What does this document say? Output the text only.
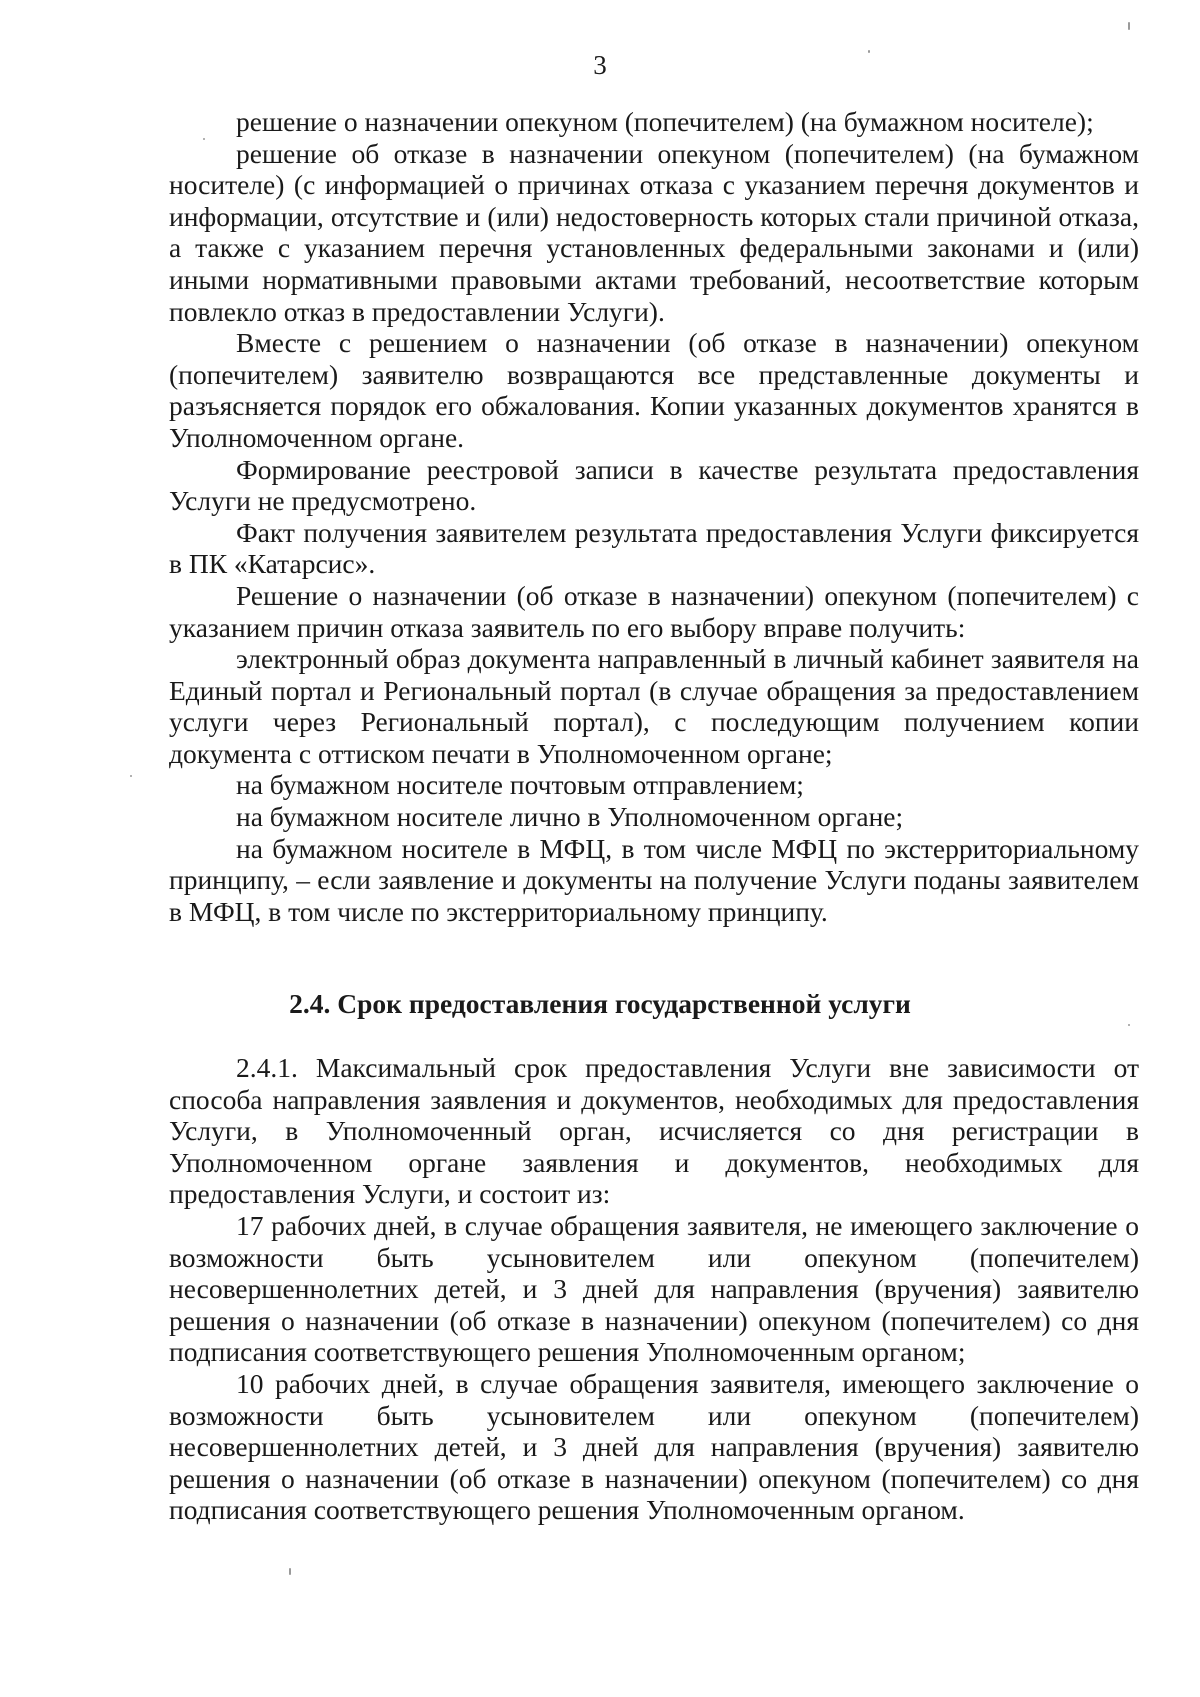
3

решение о назначении опекуном (попечителем) (на бумажном носителе);

решение об отказе в назначении опекуном (попечителем) (на бумажном носителе) (с информацией о причинах отказа с указанием перечня документов и информации, отсутствие и (или) недостоверность которых стали причиной отказа, а также с указанием перечня установленных федеральными законами и (или) иными нормативными правовыми актами требований, несоответствие которым повлекло отказ в предоставлении Услуги).

Вместе с решением о назначении (об отказе в назначении) опекуном (попечителем) заявителю возвращаются все представленные документы и разъясняется порядок его обжалования. Копии указанных документов хранятся в Уполномоченном органе.

Формирование реестровой записи в качестве результата предоставления Услуги не предусмотрено.

Факт получения заявителем результата предоставления Услуги фиксируется в ПК «Катарсис».

Решение о назначении (об отказе в назначении) опекуном (попечителем) с указанием причин отказа заявитель по его выбору вправе получить:

электронный образ документа направленный в личный кабинет заявителя на Единый портал и Региональный портал (в случае обращения за предоставлением услуги через Региональный портал), с последующим получением копии документа с оттиском печати в Уполномоченном органе;

на бумажном носителе почтовым отправлением;

на бумажном носителе лично в Уполномоченном органе;

на бумажном носителе в МФЦ, в том числе МФЦ по экстерриториальному принципу, – если заявление и документы на получение Услуги поданы заявителем в МФЦ, в том числе по экстерриториальному принципу.

2.4. Срок предоставления государственной услуги

2.4.1. Максимальный срок предоставления Услуги вне зависимости от способа направления заявления и документов, необходимых для предоставления Услуги, в Уполномоченный орган, исчисляется со дня регистрации в Уполномоченном органе заявления и документов, необходимых для предоставления Услуги, и состоит из:

17 рабочих дней, в случае обращения заявителя, не имеющего заключение о возможности быть усыновителем или опекуном (попечителем) несовершеннолетних детей, и 3 дней для направления (вручения) заявителю решения о назначении (об отказе в назначении) опекуном (попечителем) со дня подписания соответствующего решения Уполномоченным органом;

10 рабочих дней, в случае обращения заявителя, имеющего заключение о возможности быть усыновителем или опекуном (попечителем) несовершеннолетних детей, и 3 дней для направления (вручения) заявителю решения о назначении (об отказе в назначении) опекуном (попечителем) со дня подписания соответствующего решения Уполномоченным органом.
